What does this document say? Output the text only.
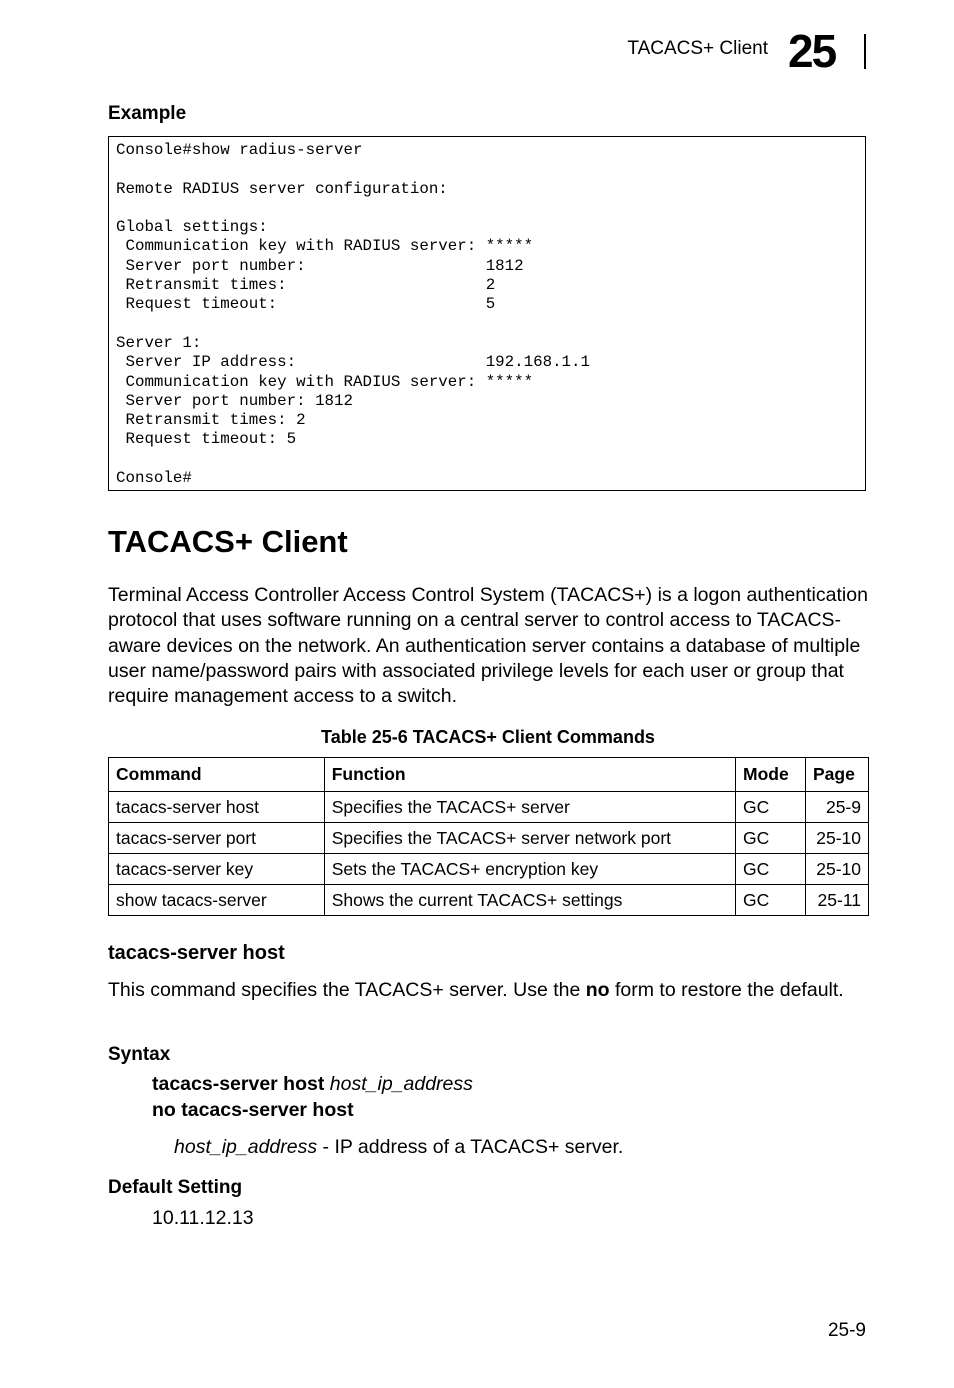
TACACS+ Client 25
Example
Console#show radius-server

Remote RADIUS server configuration:

Global settings:
Communication key with RADIUS server: *****
Server port number:                   1812
Retransmit times:                     2
Request timeout:                      5

Server 1:
Server IP address:                    192.168.1.1
Communication key with RADIUS server: *****
Server port number: 1812
Retransmit times: 2
Request timeout: 5

Console#
TACACS+ Client
Terminal Access Controller Access Control System (TACACS+) is a logon authentication protocol that uses software running on a central server to control access to TACACS-aware devices on the network. An authentication server contains a database of multiple user name/password pairs with associated privilege levels for each user or group that require management access to a switch.
Table 25-6 TACACS+ Client Commands
Command	Function	Mode	Page
tacacs-server host	Specifies the TACACS+ server	GC	25-9
tacacs-server port	Specifies the TACACS+ server network port	GC	25-10
tacacs-server key	Sets the TACACS+ encryption key	GC	25-10
show tacacs-server	Shows the current TACACS+ settings	GC	25-11
tacacs-server host
This command specifies the TACACS+ server. Use the no form to restore the default.
Syntax
tacacs-server host host_ip_address
no tacacs-server host
host_ip_address - IP address of a TACACS+ server.
Default Setting
10.11.12.13
25-9
